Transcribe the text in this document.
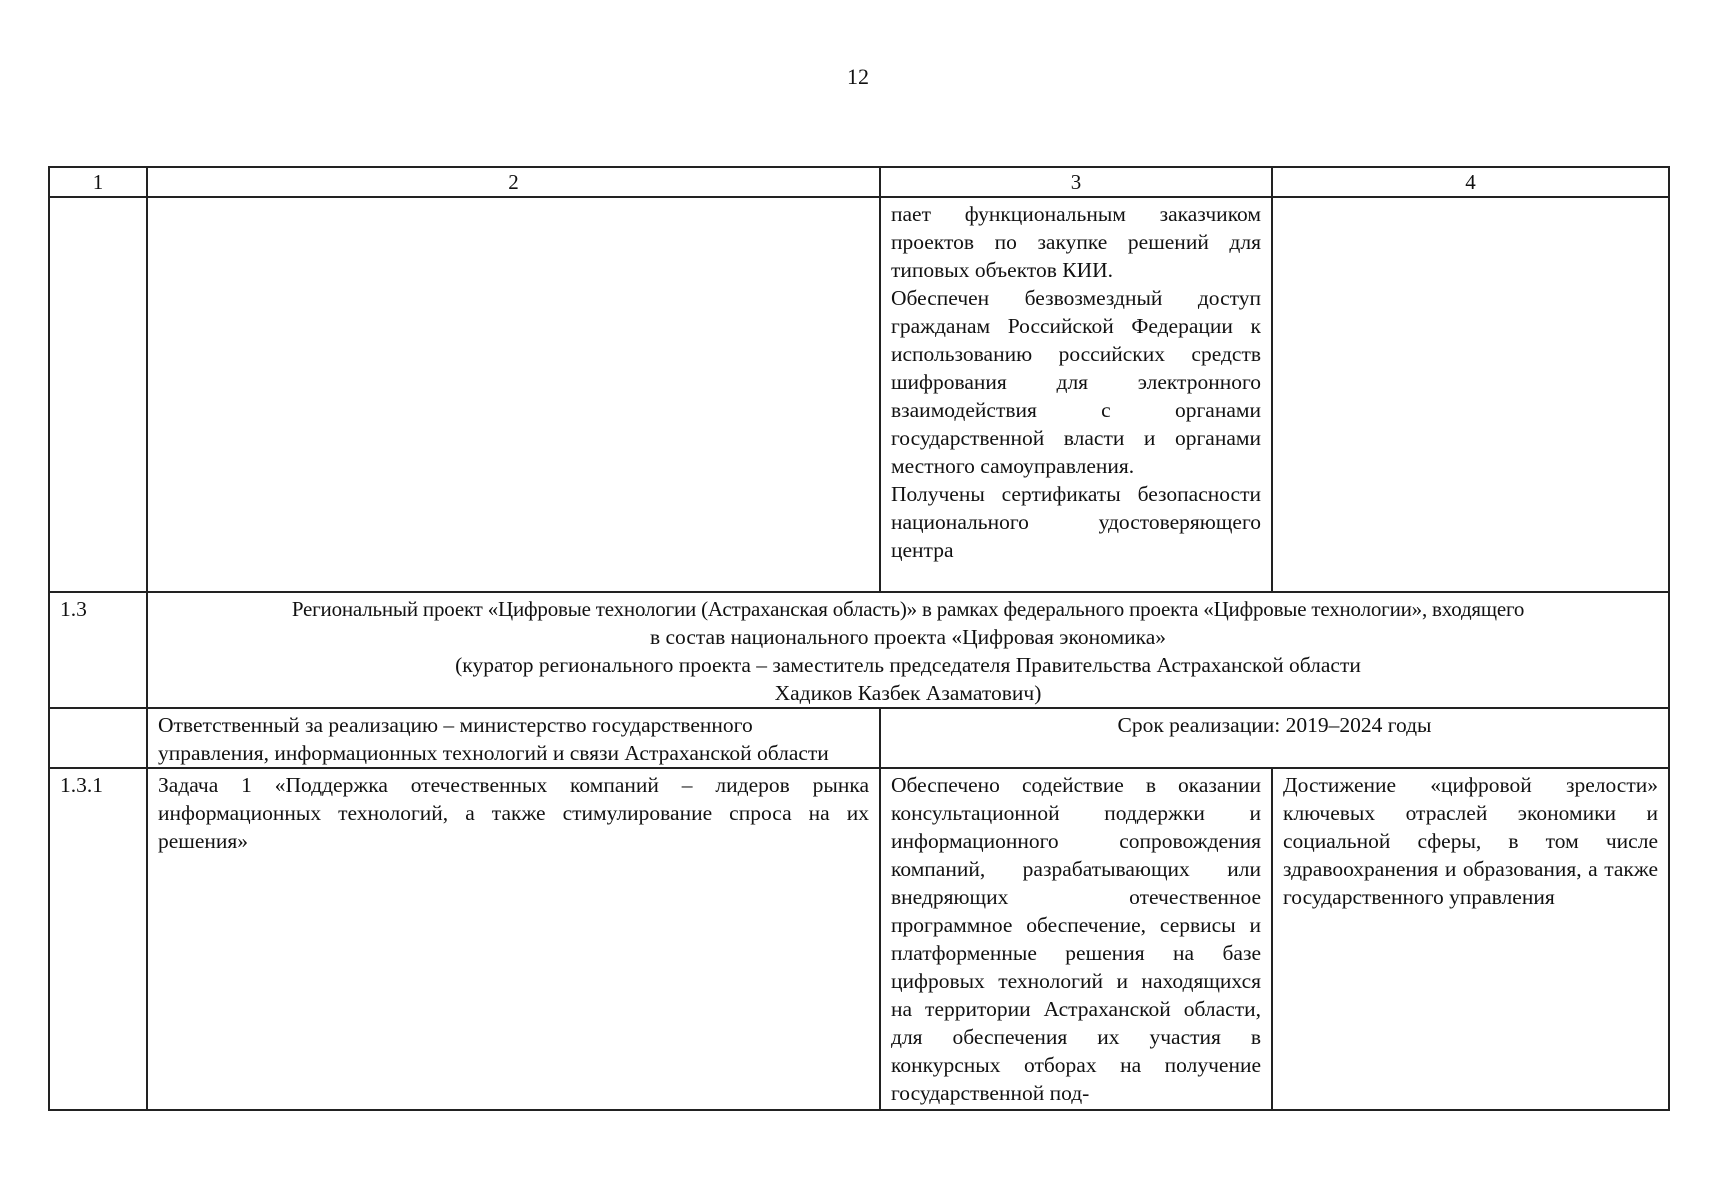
12
1	2	3	4

		пает функциональным заказчиком проектов по закупке решений для типовых объектов КИИ.

Обеспечен безвозмездный доступ гражданам Российской Федерации к использованию российских средств шифрования для электронного взаимодействия с органами государственной власти и органами местного самоуправления.

Получены сертификаты безопасности национального удостоверяющего центра	

1.3	Региональный проект «Цифровые технологии (Астраханская область)» в рамках федерального проекта «Цифровые технологии», входящего
в состав национального проекта «Цифровая экономика»
(куратор регионального проекта – заместитель председателя Правительства Астраханской области
Хадиков Казбек Азаматович)		

	Ответственный за реализацию – министерство государственного управления, информационных технологий и связи Астраханской области	Срок реализации: 2019–2024 годы	
1.3.1	Задача 1 «Поддержка отечественных компаний – лидеров рынка информационных технологий, а также стимулирование спроса на их решения»	Обеспечено содействие в оказании консультационной поддержки и информационного сопровождения компаний, разрабатывающих или внедряющих отечественное программное обеспечение, сервисы и платформенные решения на базе цифровых технологий и находящихся на территории Астраханской области, для обеспечения их участия в конкурсных отборах на получение государственной под-	Достижение «цифровой зрелости» ключевых отраслей экономики и социальной сферы, в том числе здравоохранения и образования, а также государственного управления
